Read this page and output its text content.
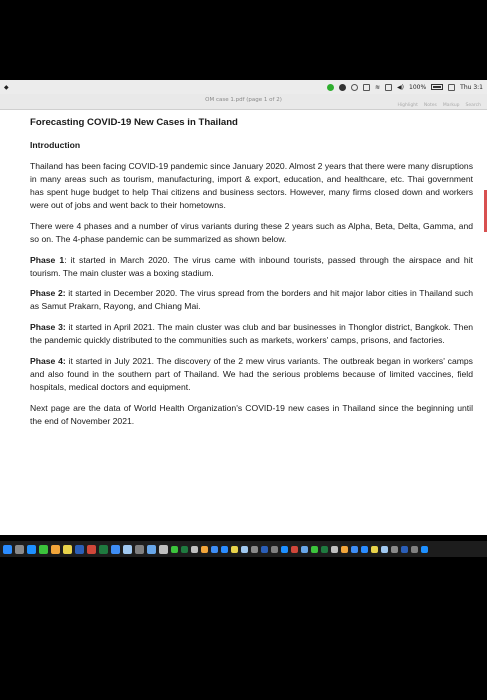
◆	≋	◀) 100%	Thu 3:1
OM case 1.pdf (page 1 of 2)
Highlight Notes Markup Search
Forecasting COVID-19 New Cases in Thailand
Introduction

Thailand has been facing COVID-19 pandemic since January 2020. Almost 2 years that there were many disruptions in many areas such as tourism, manufacturing, import & export, education, and healthcare, etc. Thai government has spent huge budget to help Thai citizens and business sectors. However, many firms closed down and workers were out of jobs and went back to their hometowns.

There were 4 phases and a number of virus variants during these 2 years such as Alpha, Beta, Delta, Gamma, and so on. The 4-phase pandemic can be summarized as shown below.

Phase 1: it started in March 2020. The virus came with inbound tourists, passed through the airspace and hit tourism. The main cluster was a boxing stadium.

Phase 2: it started in December 2020. The virus spread from the borders and hit major labor cities in Thailand such as Samut Prakarn, Rayong, and Chiang Mai.

Phase 3: it started in April 2021. The main cluster was club and bar businesses in Thonglor district, Bangkok. Then the pandemic quickly distributed to the communities such as markets, workers' camps, prisons, and factories.

Phase 4: it started in July 2021. The discovery of the 2 mew virus variants. The outbreak began in workers' camps and also found in the southern part of Thailand. We had the serious problems because of limited vaccines, field hospitals, medical doctors and equipment.

Next page are the data of World Health Organization's COVID-19 new cases in Thailand since the beginning until the end of November 2021.
